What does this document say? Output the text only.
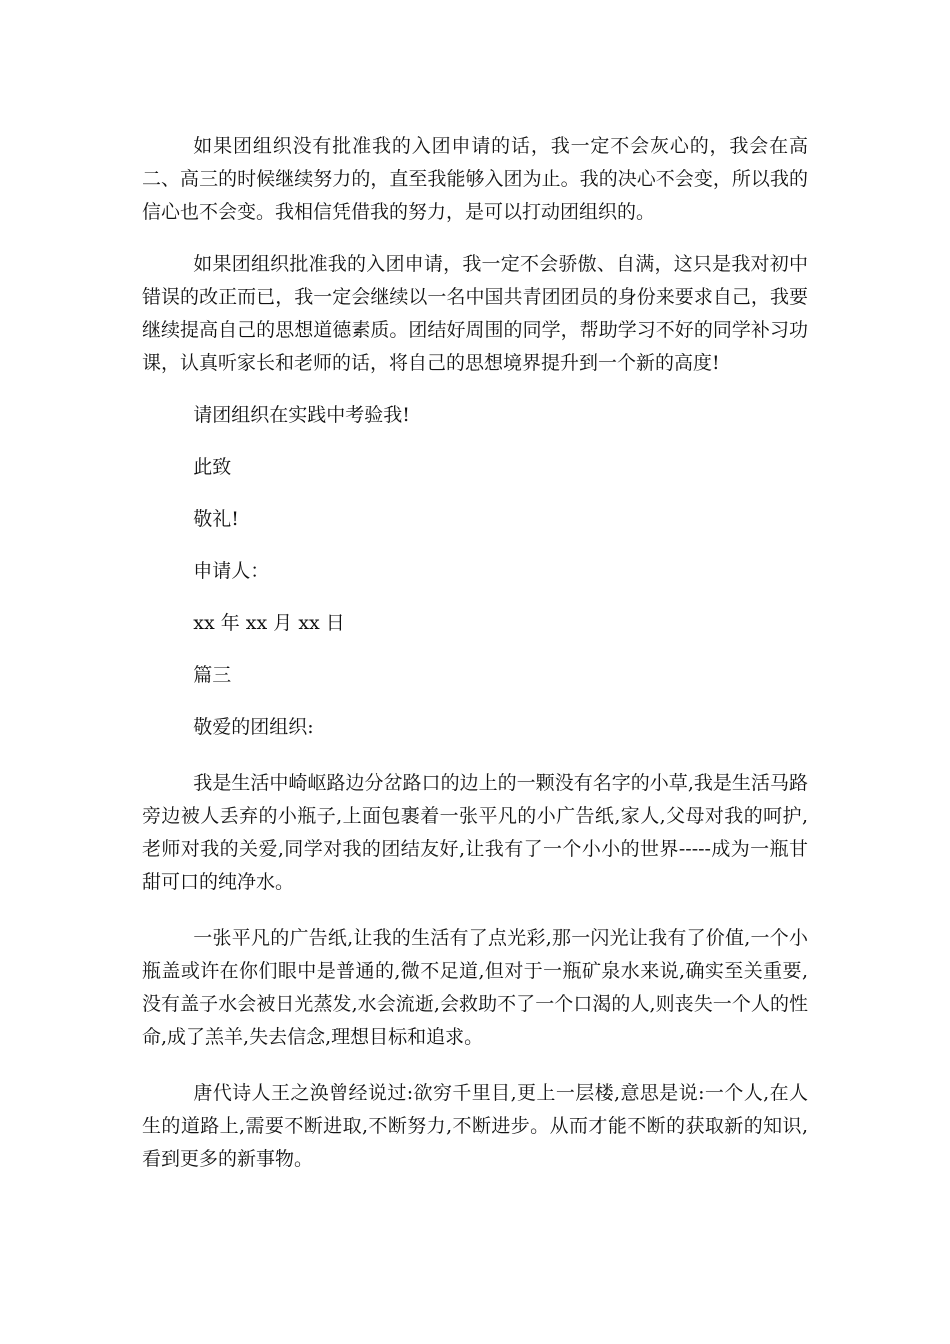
如果团组织没有批准我的入团申请的话，我一定不会灰心的，我会在高二、高三的时候继续努力的，直至我能够入团为止。我的决心不会变，所以我的信心也不会变。我相信凭借我的努力，是可以打动团组织的。

如果团组织批准我的入团申请，我一定不会骄傲、自满，这只是我对初中错误的改正而已，我一定会继续以一名中国共青团团员的身份来要求自己，我要继续提高自己的思想道德素质。团结好周围的同学，帮助学习不好的同学补习功课，认真听家长和老师的话，将自己的思想境界提升到一个新的高度!

请团组织在实践中考验我!

此致

敬礼!

申请人：

xx 年 xx 月 xx 日

篇三

敬爱的团组织:

我是生活中崎岖路边分岔路口的边上的一颗没有名字的小草,我是生活马路旁边被人丢弃的小瓶子,上面包裹着一张平凡的小广告纸,家人,父母对我的呵护,老师对我的关爱,同学对我的团结友好,让我有了一个小小的世界-----成为一瓶甘甜可口的纯净水。

一张平凡的广告纸,让我的生活有了点光彩,那一闪光让我有了价值,一个小瓶盖或许在你们眼中是普通的,微不足道,但对于一瓶矿泉水来说,确实至关重要,没有盖子水会被日光蒸发,水会流逝,会救助不了一个口渴的人,则丧失一个人的性命,成了羔羊,失去信念,理想目标和追求。

唐代诗人王之涣曾经说过:欲穷千里目,更上一层楼,意思是说:一个人,在人生的道路上,需要不断进取,不断努力,不断进步。从而才能不断的获取新的知识,看到更多的新事物。
